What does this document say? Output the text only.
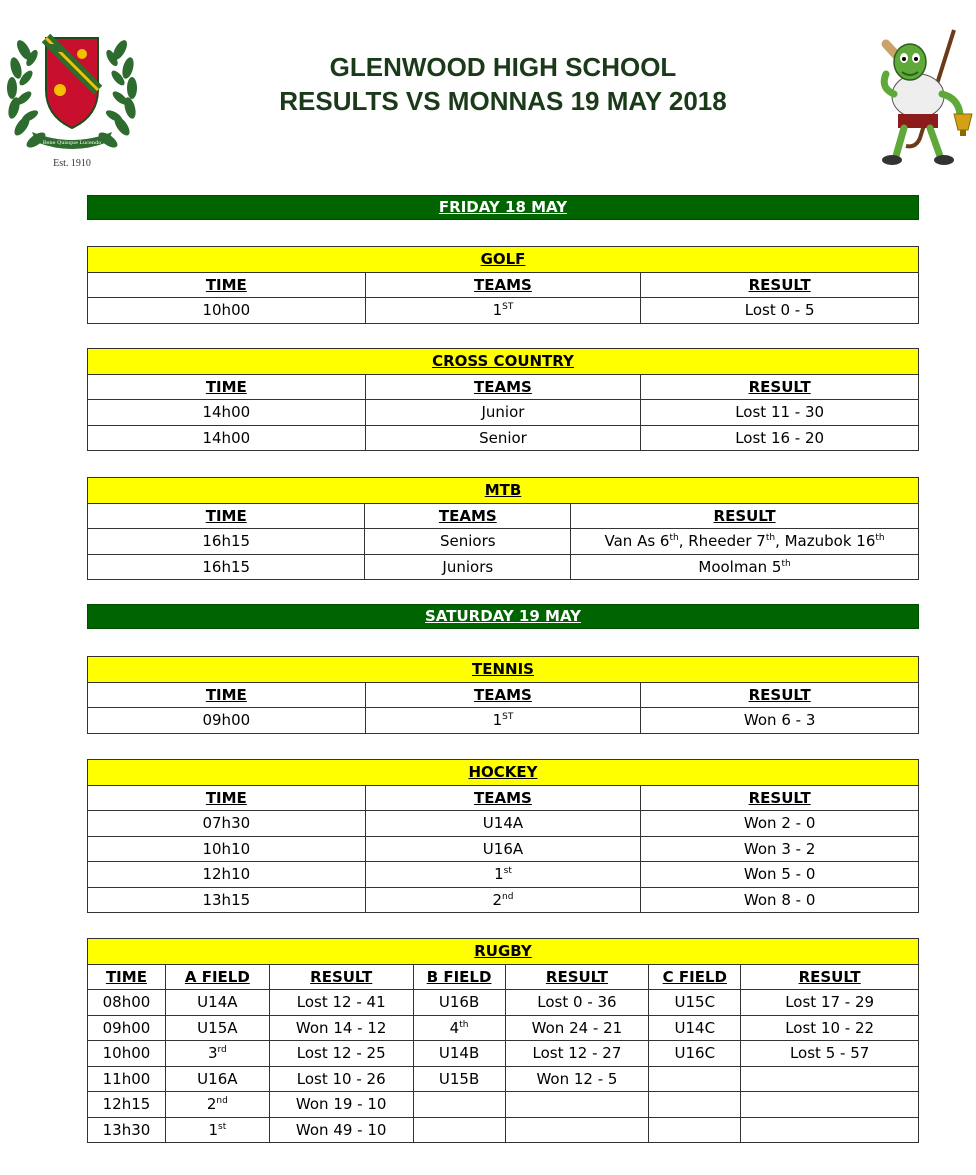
Bene Quisque Lucendo
Est. 1910
GLENWOOD HIGH SCHOOL
RESULTS VS MONNAS 19 MAY 2018
FRIDAY 18 MAY
GOLF		
TIME	TEAMS	RESULT
10h00	1ST	Lost 0 - 5
CROSS COUNTRY		
TIME	TEAMS	RESULT
14h00	Junior	Lost 11 - 30
14h00	Senior	Lost 16 - 20
MTB		
TIME	TEAMS	RESULT
16h15	Seniors	Van As 6th, Rheeder 7th, Mazubok 16th
16h15	Juniors	Moolman 5th
SATURDAY 19 MAY
TENNIS		
TIME	TEAMS	RESULT
09h00	1ST	Won 6 - 3
HOCKEY		
TIME	TEAMS	RESULT
07h30	U14A	Won 2 - 0
10h10	U16A	Won 3 - 2
12h10	1st	Won 5 - 0
13h15	2nd	Won 8 - 0
RUGBY						
TIME	A FIELD	RESULT	B FIELD	RESULT	C FIELD	RESULT
08h00	U14A	Lost 12 - 41	U16B	Lost 0 - 36	U15C	Lost 17 - 29
09h00	U15A	Won 14 - 12	4th	Won 24 - 21	U14C	Lost 10 - 22
10h00	3rd	Lost 12 - 25	U14B	Lost 12 - 27	U16C	Lost 5 - 57
11h00	U16A	Lost 10 - 26	U15B	Won 12 - 5		
12h15	2nd	Won 19 - 10				
13h30	1st	Won 49 - 10				
